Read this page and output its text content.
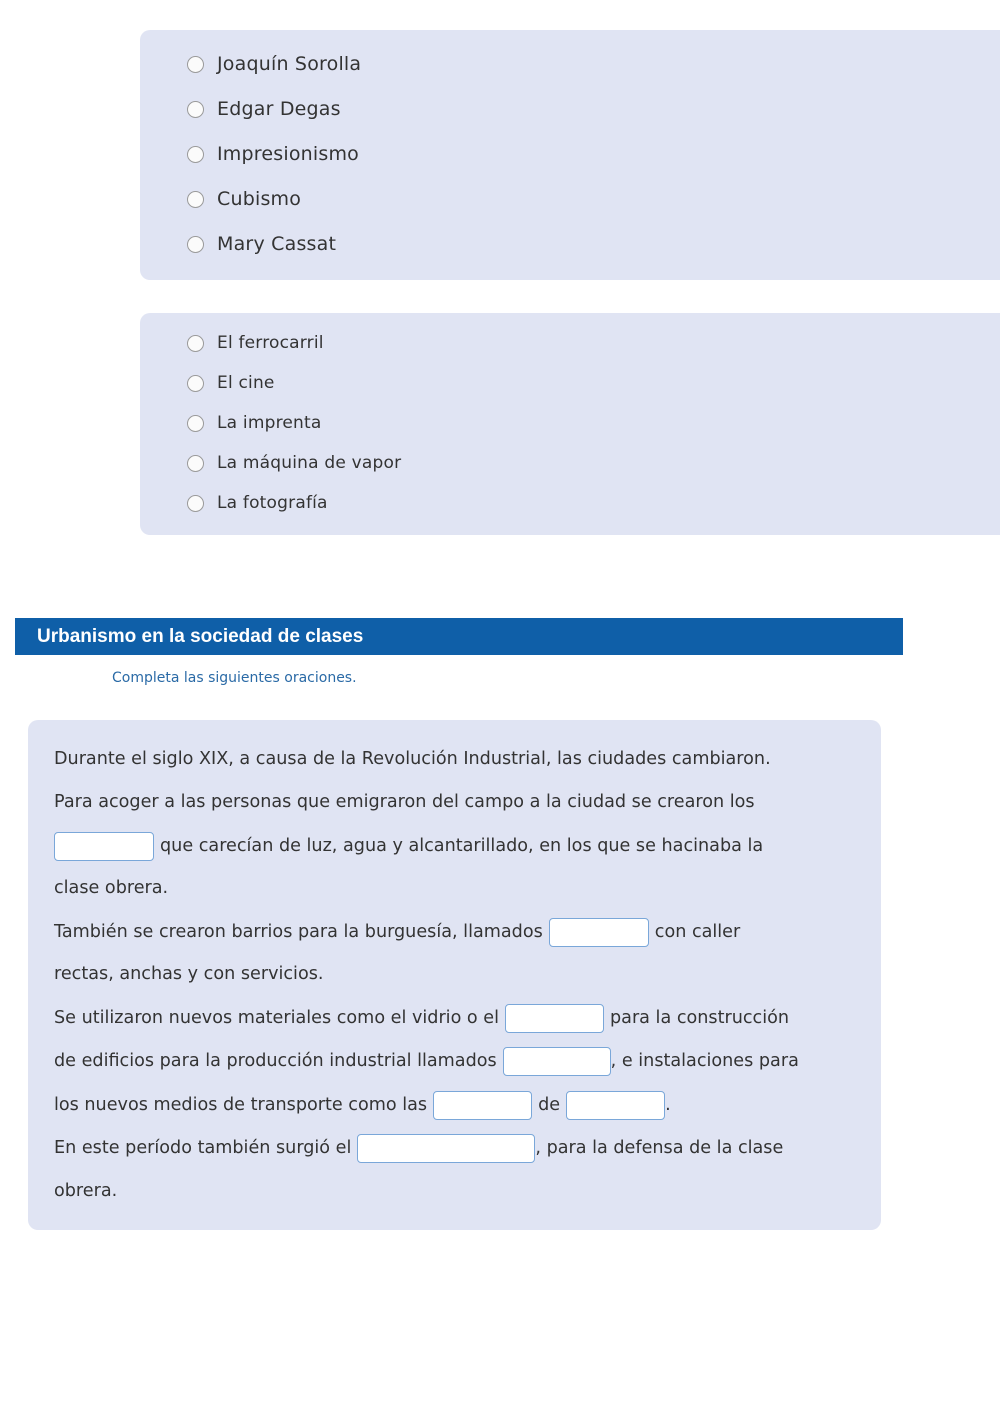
Joaquín Sorolla
Edgar Degas
Impresionismo
Cubismo
Mary Cassat
El ferrocarril
El cine
La imprenta
La máquina de vapor
La fotografía
Urbanismo en la sociedad de clases
Completa las siguientes oraciones.
Durante el siglo XIX, a causa de la Revolución Industrial, las ciudades cambiaron.
Para acoger a las personas que emigraron del campo a la ciudad se crearon los
que carecían de luz, agua y alcantarillado, en los que se hacinaba la
clase obrera.
También se crearon barrios para la burguesía, llamados	con caller
rectas, anchas y con servicios.
Se utilizaron nuevos materiales como el vidrio o el	para la construcción
de edificios para la producción industrial llamados	, e instalaciones para
los nuevos medios de transporte como las	de	.
En este período también surgió el	, para la defensa de la clase
obrera.
